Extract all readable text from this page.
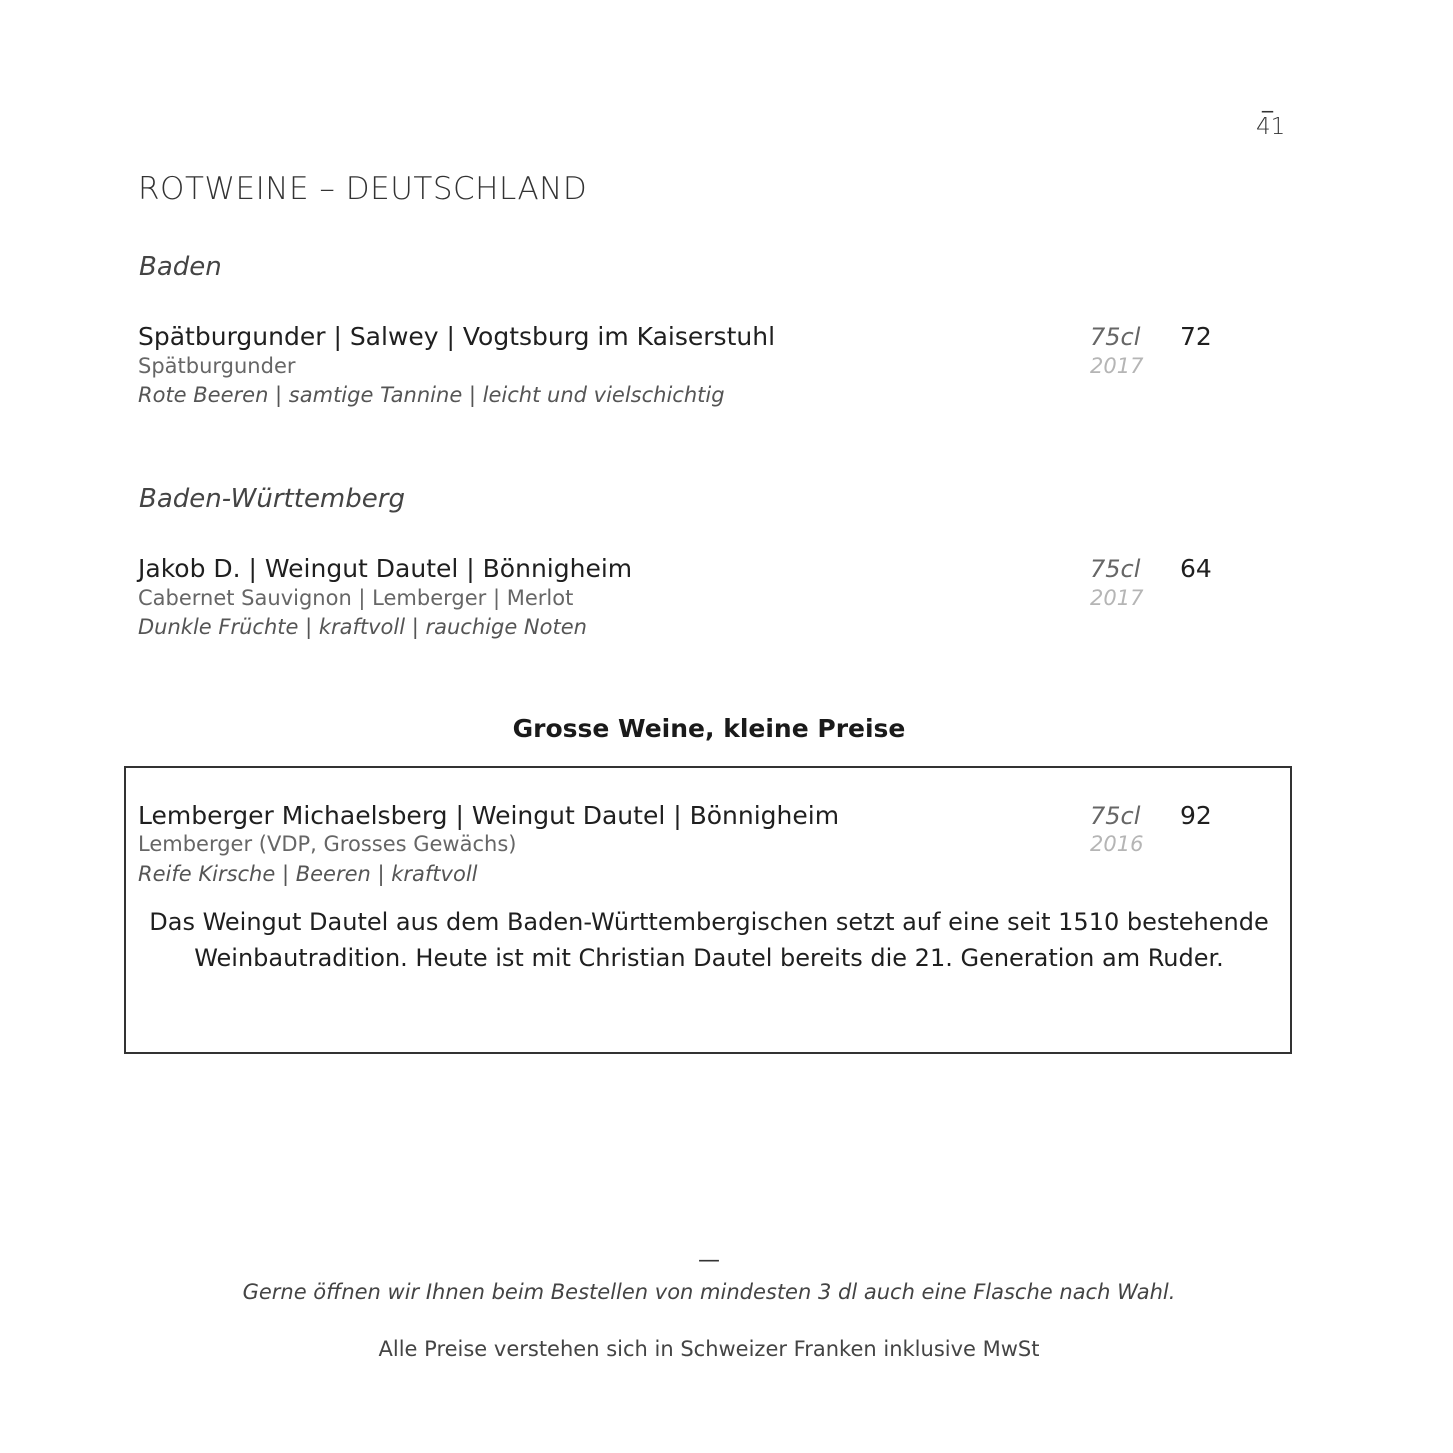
_
41
ROTWEINE – DEUTSCHLAND
Baden
Spätburgunder | Salwey | Vogtsburg im Kaiserstuhl
Spätburgunder
Rote Beeren | samtige Tannine | leicht und vielschichtig
75cl
2017
72
Baden-Württemberg
Jakob D. | Weingut Dautel | Bönnigheim
Cabernet Sauvignon | Lemberger | Merlot
Dunkle Früchte | kraftvoll | rauchige Noten
75cl
2017
64
Grosse Weine, kleine Preise
Lemberger Michaelsberg | Weingut Dautel | Bönnigheim
Lemberger (VDP, Grosses Gewächs)
Reife Kirsche | Beeren | kraftvoll
75cl
2016
92
Das Weingut Dautel aus dem Baden-Württembergischen setzt auf eine seit 1510 bestehende Weinbautradition. Heute ist mit Christian Dautel bereits die 21. Generation am Ruder.
—
Gerne öffnen wir Ihnen beim Bestellen von mindesten 3 dl auch eine Flasche nach Wahl.
Alle Preise verstehen sich in Schweizer Franken inklusive MwSt
